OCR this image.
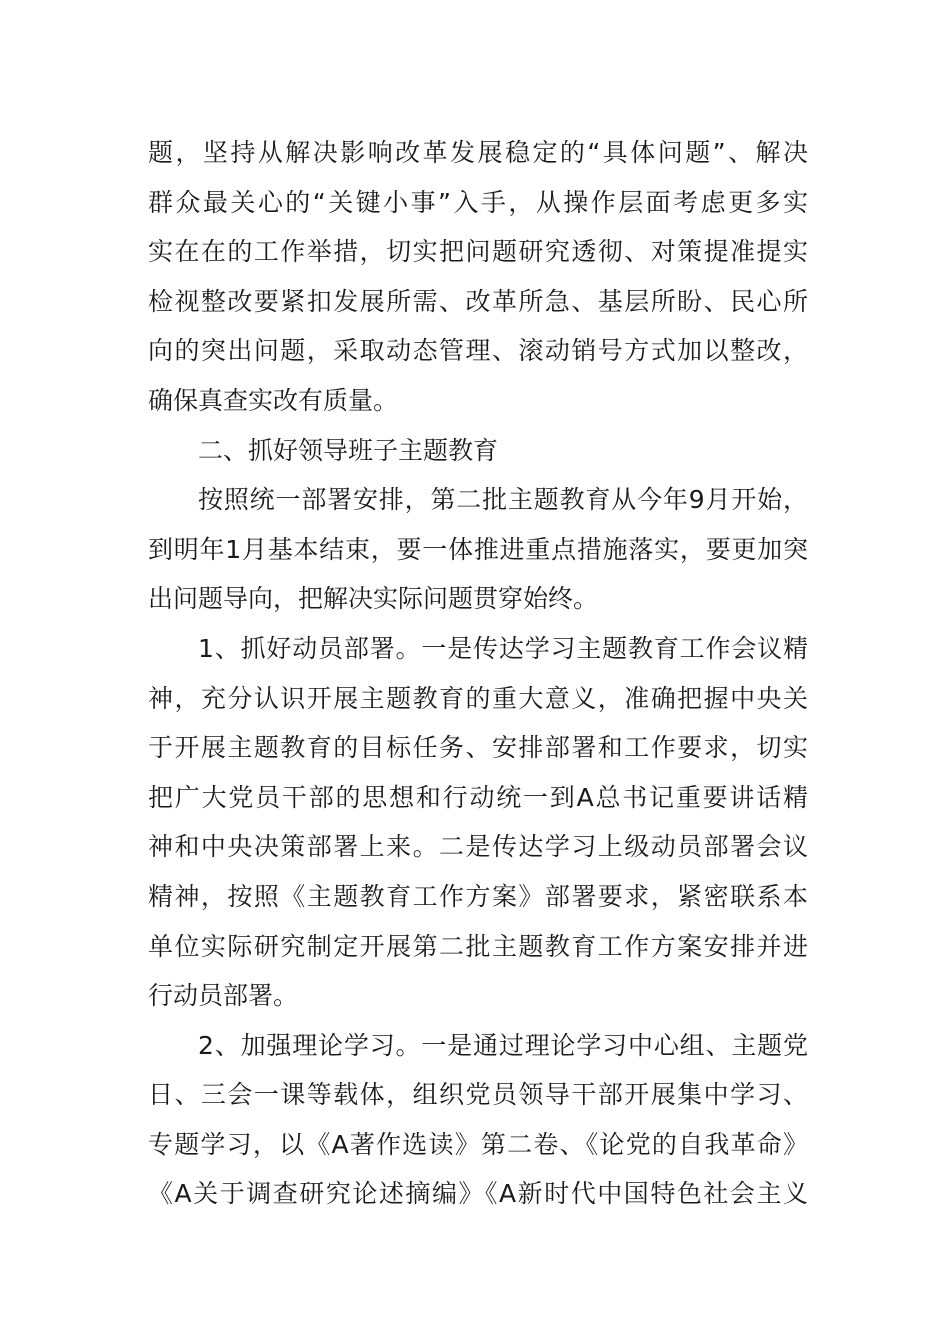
题，坚持从解决影响改革发展稳定的“具体问题”、解决
群众最关心的“关键小事”入手，从操作层面考虑更多实
实在在的工作举措，切实把问题研究透彻、对策提准提实
检视整改要紧扣发展所需、改革所急、基层所盼、民心所
向的突出问题，采取动态管理、滚动销号方式加以整改，
确保真查实改有质量。
二、抓好领导班子主题教育
按照统一部署安排，第二批主题教育从今年9月开始，
到明年1月基本结束，要一体推进重点措施落实，要更加突
出问题导向，把解决实际问题贯穿始终。
1、抓好动员部署。一是传达学习主题教育工作会议精
神，充分认识开展主题教育的重大意义，准确把握中央关
于开展主题教育的目标任务、安排部署和工作要求，切实
把广大党员干部的思想和行动统一到A总书记重要讲话精
神和中央决策部署上来。二是传达学习上级动员部署会议
精神，按照《主题教育工作方案》部署要求，紧密联系本
单位实际研究制定开展第二批主题教育工作方案安排并进
行动员部署。
2、加强理论学习。一是通过理论学习中心组、主题党
日、三会一课等载体，组织党员领导干部开展集中学习、
专题学习，以《A著作选读》第二卷、《论党的自我革命》
《A关于调查研究论述摘编》《A新时代中国特色社会主义
